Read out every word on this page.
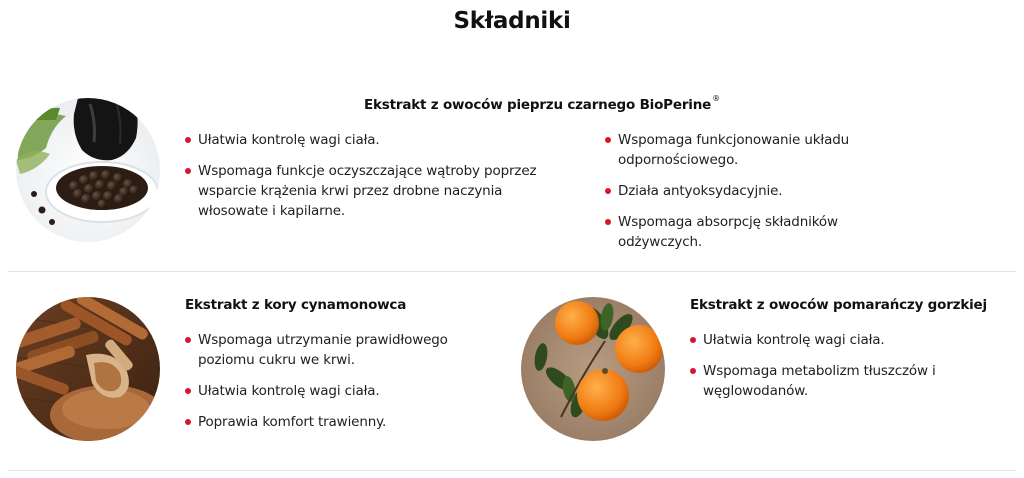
Składniki
Ekstrakt z owoców pieprzu czarnego BioPerine®
Ułatwia kontrolę wagi ciała.
Wspomaga funkcje oczyszczające wątroby poprzez wsparcie krążenia krwi przez drobne naczynia włosowate i kapilarne.
Wspomaga funkcjonowanie układu odpornościowego.
Działa antyoksydacyjnie.
Wspomaga absorpcję składników odżywczych.
Ekstrakt z kory cynamonowca
Wspomaga utrzymanie prawidłowego poziomu cukru we krwi.
Ułatwia kontrolę wagi ciała.
Poprawia komfort trawienny.
Ekstrakt z owoców pomarańczy gorzkiej
Ułatwia kontrolę wagi ciała.
Wspomaga metabolizm tłuszczów i węglowodanów.
